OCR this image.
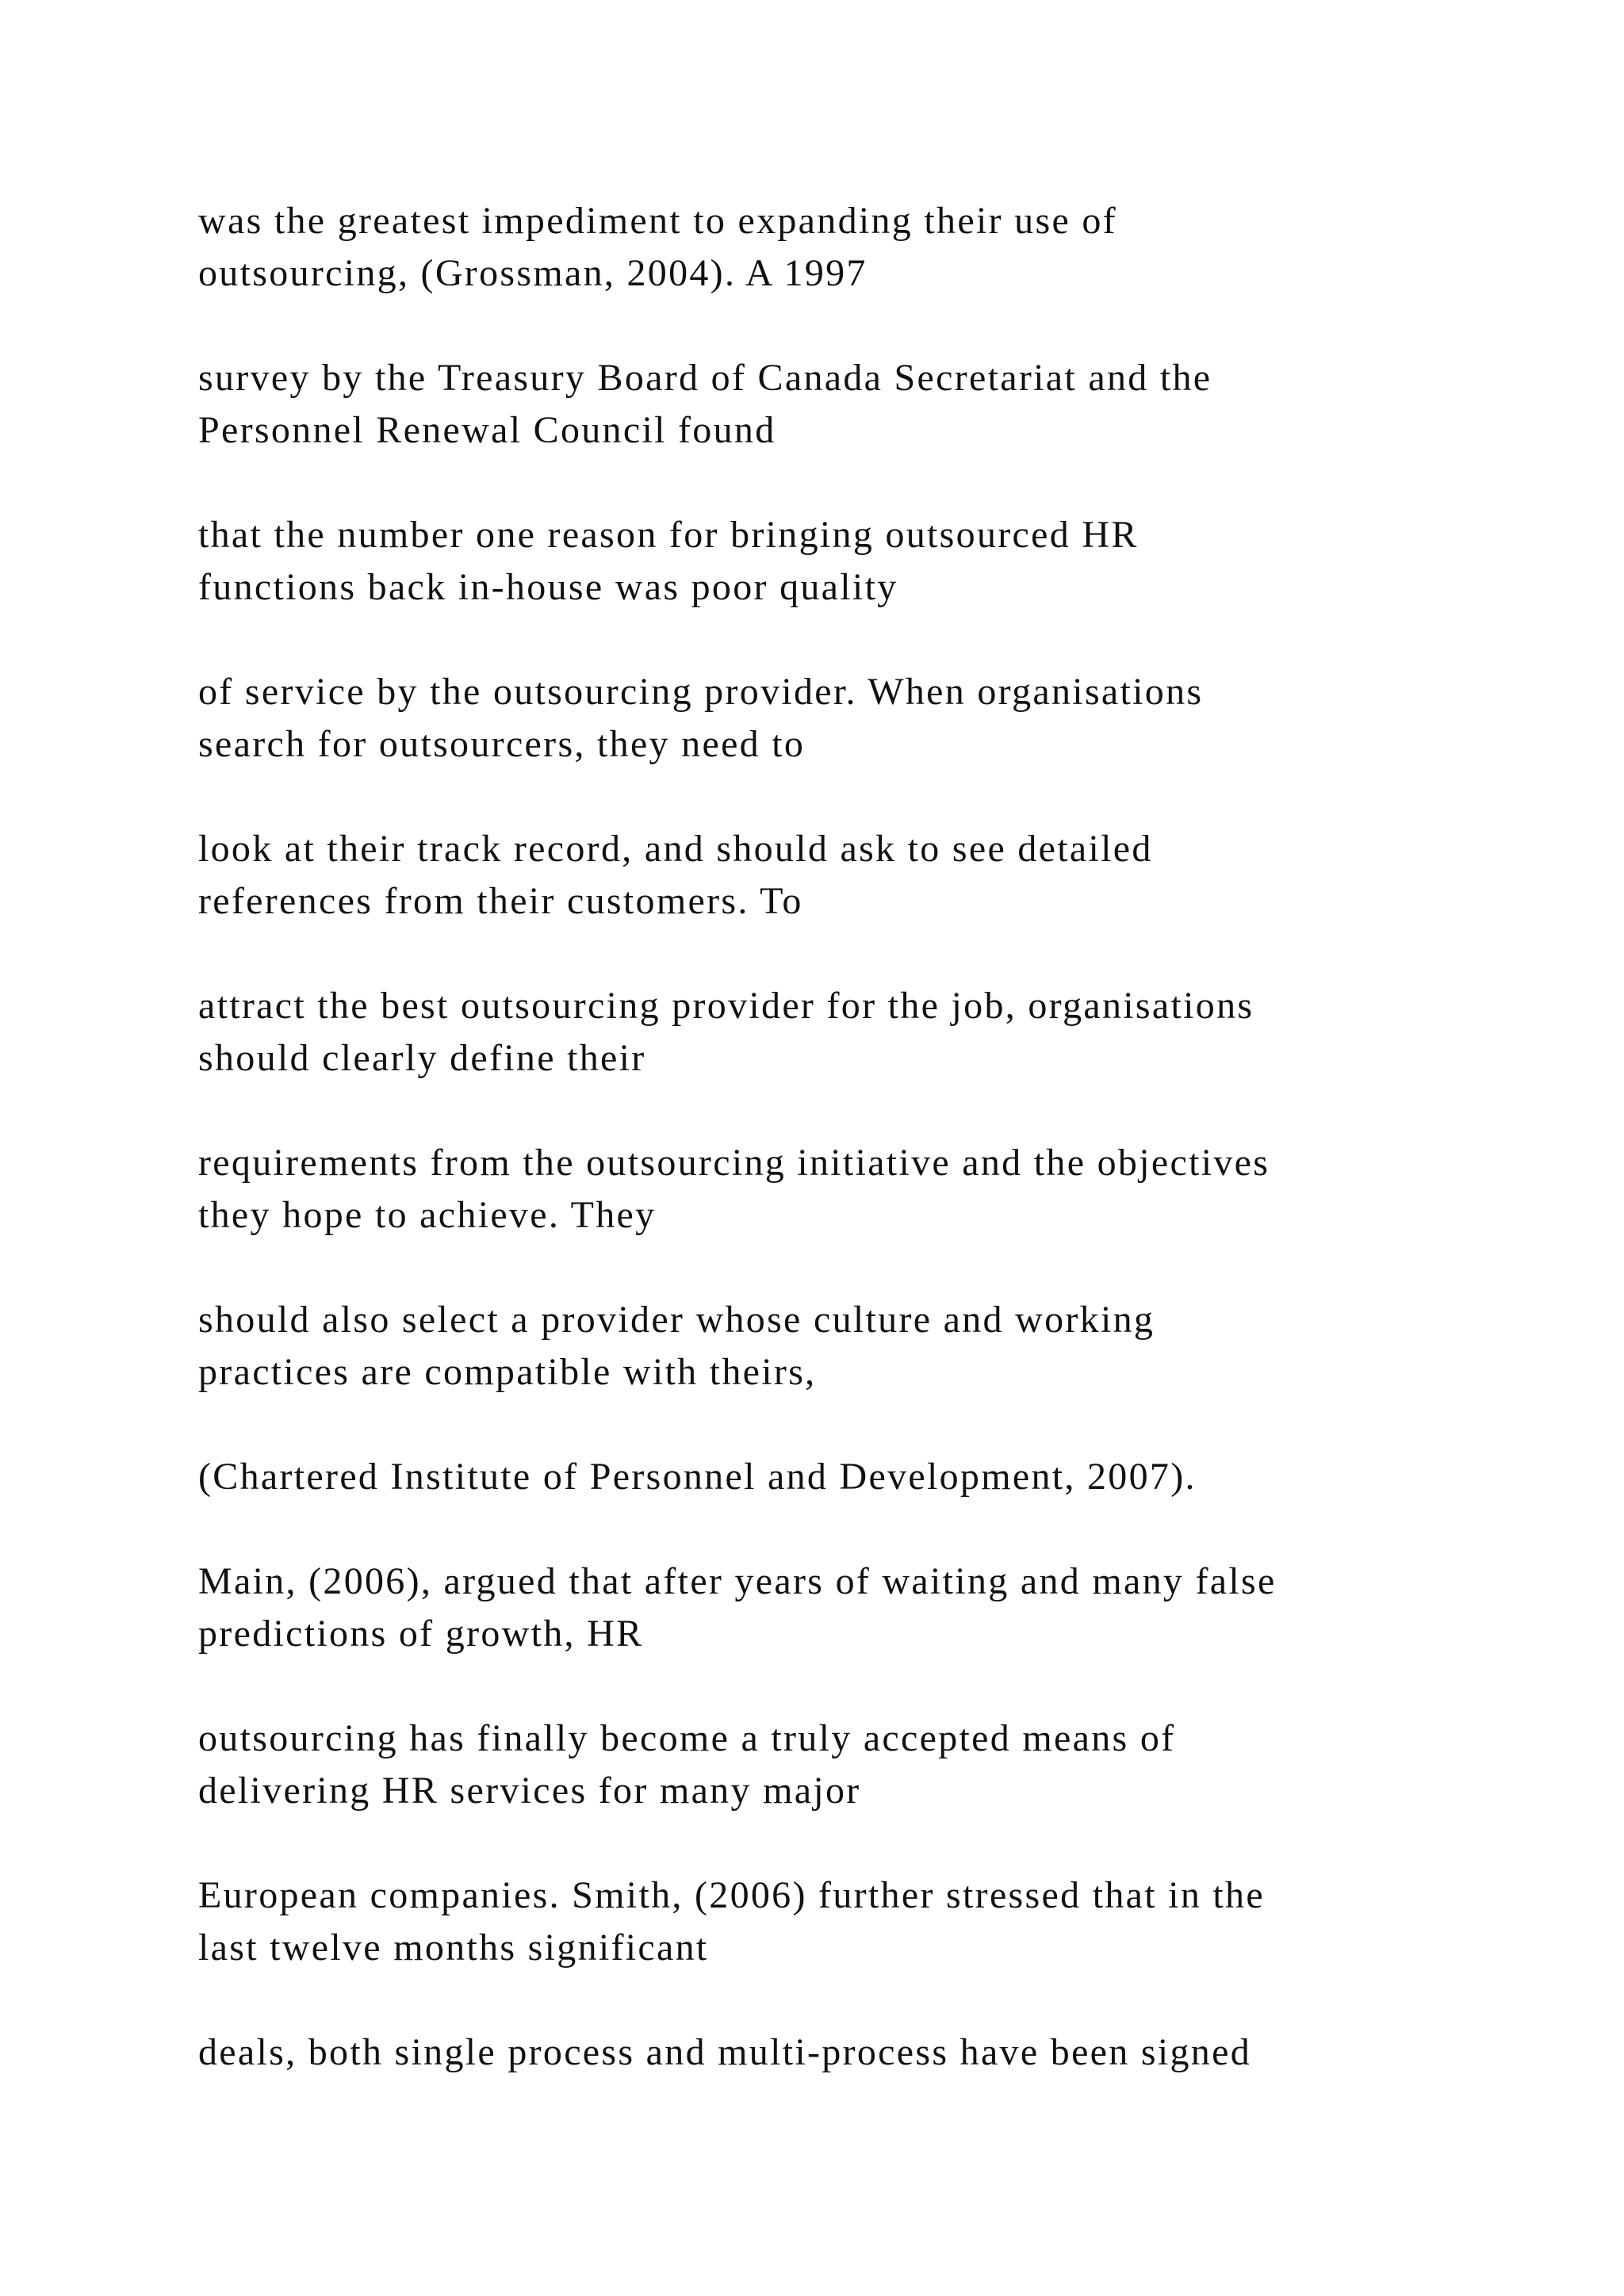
was the greatest impediment to expanding their use of
outsourcing, (Grossman, 2004). A 1997

survey by the Treasury Board of Canada Secretariat and the
Personnel Renewal Council found

that the number one reason for bringing outsourced HR
functions back in-house was poor quality

of service by the outsourcing provider. When organisations
search for outsourcers, they need to

look at their track record, and should ask to see detailed
references from their customers. To

attract the best outsourcing provider for the job, organisations
should clearly define their

requirements from the outsourcing initiative and the objectives
they hope to achieve. They

should also select a provider whose culture and working
practices are compatible with theirs,

(Chartered Institute of Personnel and Development, 2007).

Main, (2006), argued that after years of waiting and many false
predictions of growth, HR

outsourcing has finally become a truly accepted means of
delivering HR services for many major

European companies. Smith, (2006) further stressed that in the
last twelve months significant

deals, both single process and multi-process have been signed
